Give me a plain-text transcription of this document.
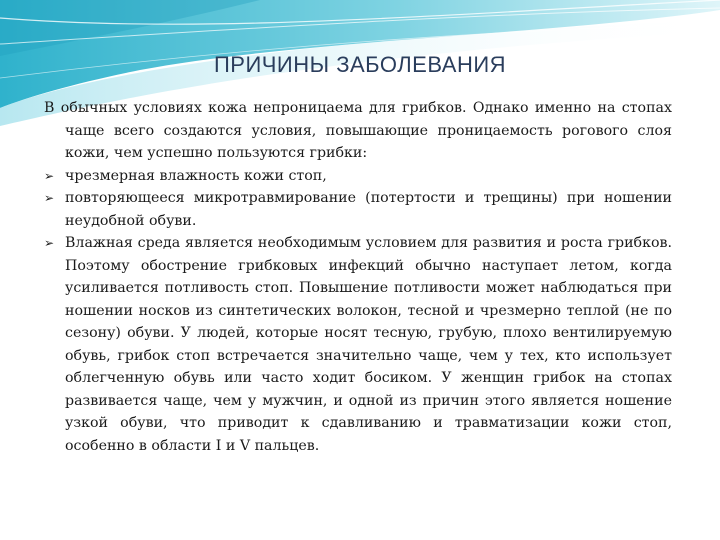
ПРИЧИНЫ ЗАБОЛЕВАНИЯ

В обычных условиях кожа непроницаема для грибков. Однако именно на стопах чаще всего создаются условия, повышающие проницаемость рогового слоя кожи, чем успешно пользуются грибки:

➢ чрезмерная влажность кожи стоп,
➢ повторяющееся микротравмирование (потертости и трещины) при ношении неудобной обуви.
➢ Влажная среда является необходимым условием для развития и роста грибков. Поэтому обострение грибковых инфекций обычно наступает летом, когда усиливается потливость стоп. Повышение потливости может наблюдаться при ношении носков из синтетических волокон, тесной и чрезмерно теплой (не по сезону) обуви. У людей, которые носят тесную, грубую, плохо вентилируемую обувь, грибок стоп встречается значительно чаще, чем у тех, кто использует облегченную обувь или часто ходит босиком. У женщин грибок на стопах развивается чаще, чем у мужчин, и одной из причин этого является ношение узкой обуви, что приводит к сдавливанию и травматизации кожи стоп, особенно в области I и V пальцев.
